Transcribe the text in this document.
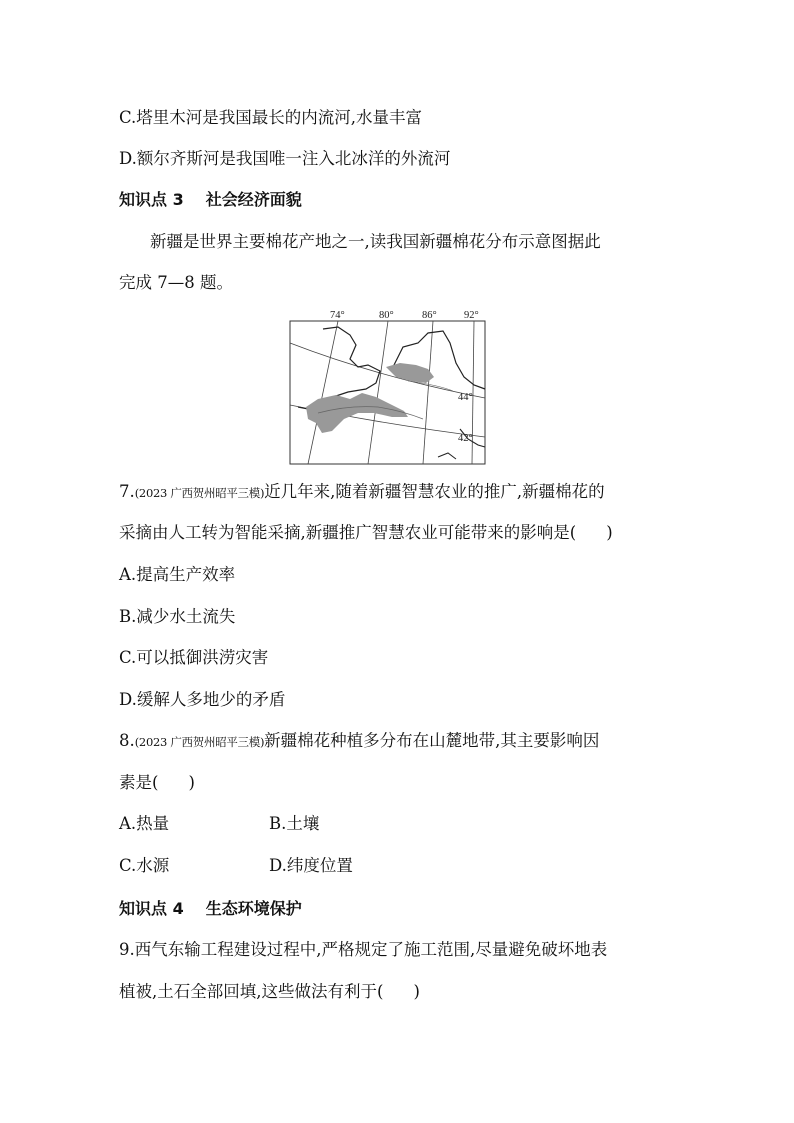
C.塔里木河是我国最长的内流河,水量丰富
D.额尔齐斯河是我国唯一注入北冰洋的外流河
知识点 3 社会经济面貌
新疆是世界主要棉花产地之一,读我国新疆棉花分布示意图据此
完成 7—8 题。
74°	80°	86°	92°
44°
42°
7.(2023 广西贺州昭平三模)近几年来,随着新疆智慧农业的推广,新疆棉花的
采摘由人工转为智能采摘,新疆推广智慧农业可能带来的影响是( )
A.提高生产效率
B.减少水土流失
C.可以抵御洪涝灾害
D.缓解人多地少的矛盾
8.(2023 广西贺州昭平三模)新疆棉花种植多分布在山麓地带,其主要影响因
素是( )
A.热量	B.土壤
C.水源	D.纬度位置
知识点 4 生态环境保护
9.西气东输工程建设过程中,严格规定了施工范围,尽量避免破坏地表
植被,土石全部回填,这些做法有利于( )
